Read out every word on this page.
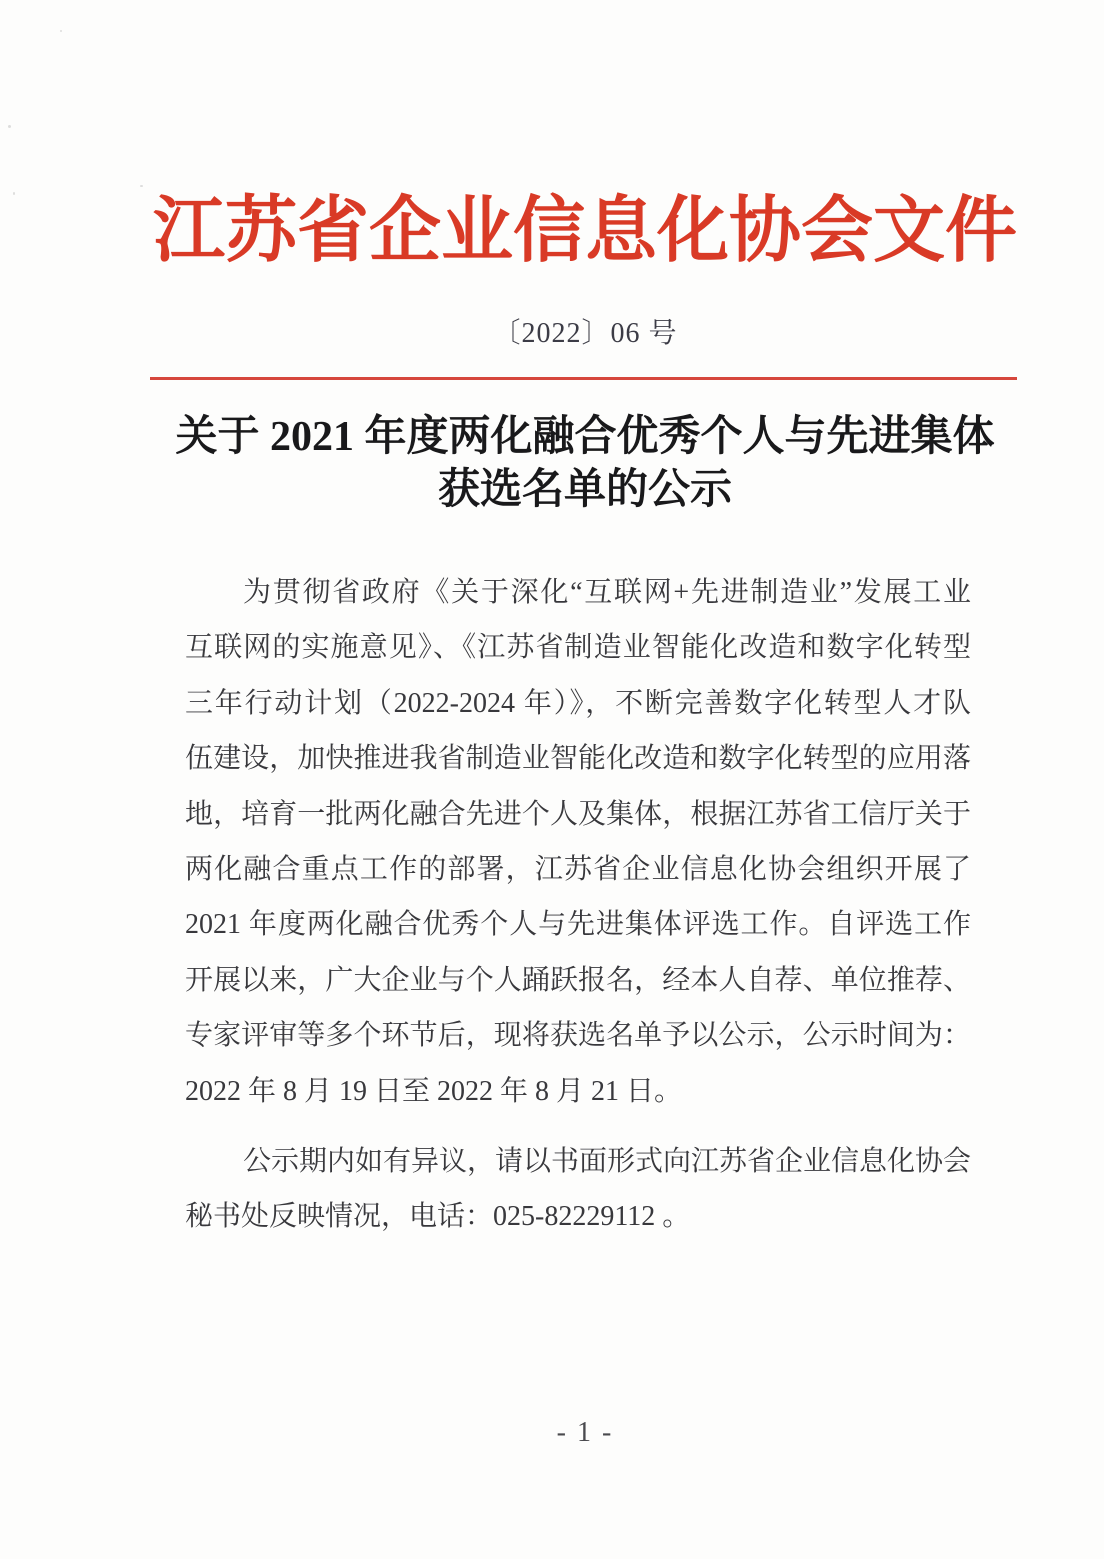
江苏省企业信息化协会文件
〔2022〕06 号
关于 2021 年度两化融合优秀个人与先进集体
获选名单的公示
为贯彻省政府《关于深化“互联网+先进制造业”发展工业
互联网的实施意见》、《江苏省制造业智能化改造和数字化转型
三年行动计划（2022-2024 年）》，不断完善数字化转型人才队
伍建设，加快推进我省制造业智能化改造和数字化转型的应用落
地，培育一批两化融合先进个人及集体，根据江苏省工信厅关于
两化融合重点工作的部署，江苏省企业信息化协会组织开展了
2021 年度两化融合优秀个人与先进集体评选工作。自评选工作
开展以来，广大企业与个人踊跃报名，经本人自荐、单位推荐、
专家评审等多个环节后，现将获选名单予以公示，公示时间为：
2022 年 8 月 19 日至 2022 年 8 月 21 日。
公示期内如有异议，请以书面形式向江苏省企业信息化协会
秘书处反映情况，电话：025-82229112 。
- 1 -
